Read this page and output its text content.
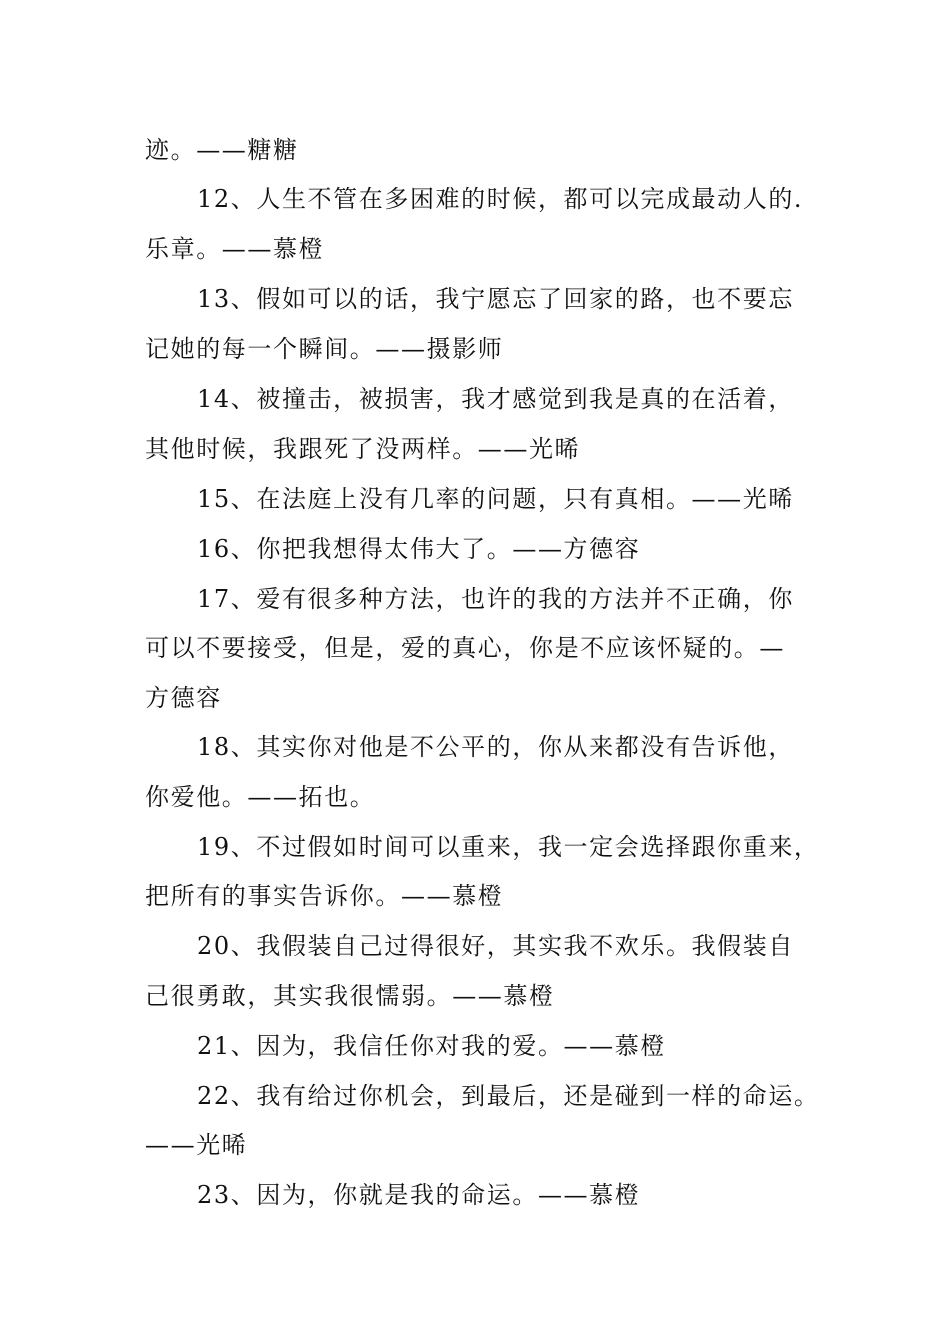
迹。——糖糖
12、人生不管在多困难的时候，都可以完成最动人的.
乐章。——慕橙
13、假如可以的话，我宁愿忘了回家的路，也不要忘
记她的每一个瞬间。——摄影师
14、被撞击，被损害，我才感觉到我是真的在活着，
其他时候，我跟死了没两样。——光晞
15、在法庭上没有几率的问题，只有真相。——光晞
16、你把我想得太伟大了。——方德容
17、爱有很多种方法，也许的我的方法并不正确，你
可以不要接受，但是，爱的真心，你是不应该怀疑的。—
方德容
18、其实你对他是不公平的，你从来都没有告诉他，
你爱他。——拓也。
19、不过假如时间可以重来，我一定会选择跟你重来，
把所有的事实告诉你。——慕橙
20、我假装自己过得很好，其实我不欢乐。我假装自
己很勇敢，其实我很懦弱。——慕橙
21、因为，我信任你对我的爱。——慕橙
22、我有给过你机会，到最后，还是碰到一样的命运。
——光晞
23、因为，你就是我的命运。——慕橙
